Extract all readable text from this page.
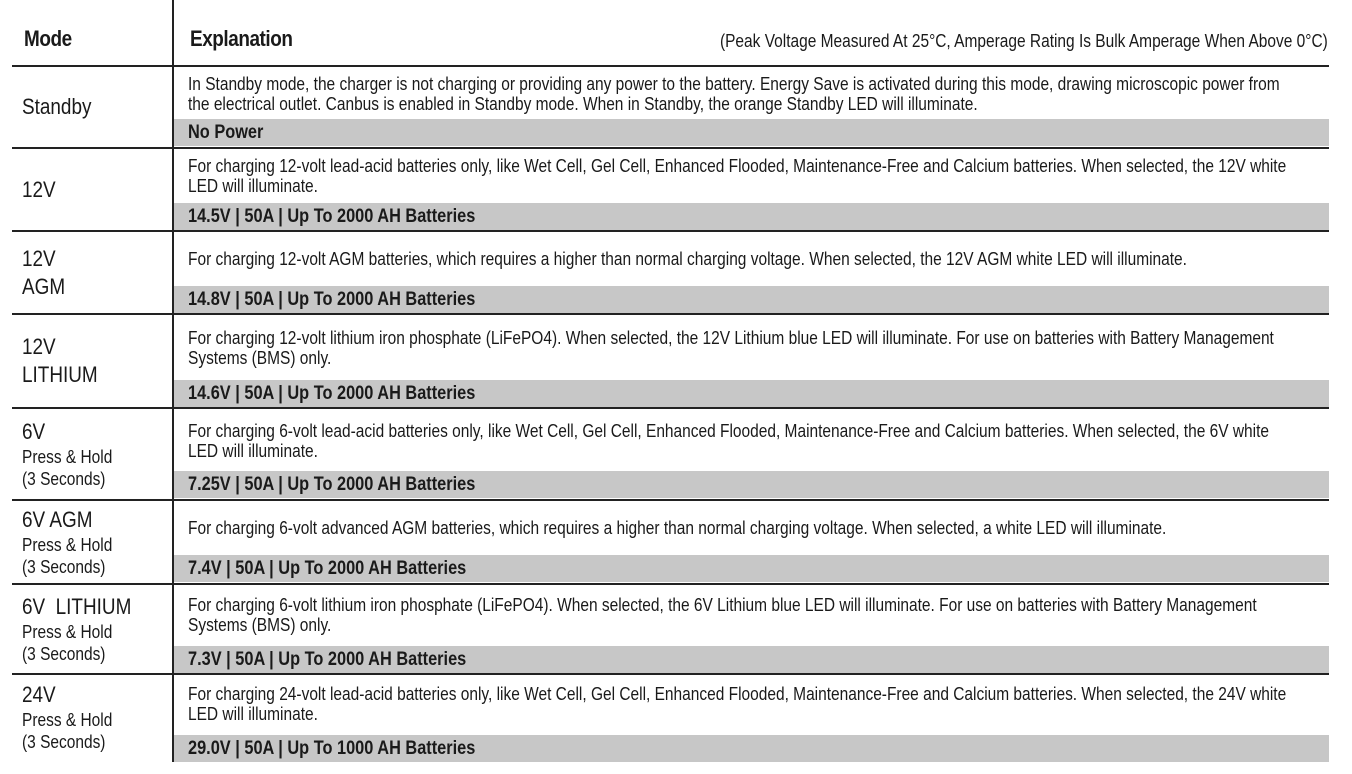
Mode	Explanation	(Peak Voltage Measured At 25°C, Amperage Rating Is Bulk Amperage When Above 0°C)
Standby
In Standby mode, the charger is not charging or providing any power to the battery. Energy Save is activated during this mode, drawing microscopic power from the electrical outlet. Canbus is enabled in Standby mode. When in Standby, the orange Standby LED will illuminate.
No Power
12V
For charging 12-volt lead-acid batteries only, like Wet Cell, Gel Cell, Enhanced Flooded, Maintenance-Free and Calcium batteries. When selected, the 12V white LED will illuminate.
14.5V | 50A | Up To 2000 AH Batteries
12V
AGM
For charging 12-volt AGM batteries, which requires a higher than normal charging voltage. When selected, the 12V AGM white LED will illuminate.
14.8V | 50A | Up To 2000 AH Batteries
12V
LITHIUM
For charging 12-volt lithium iron phosphate (LiFePO4). When selected, the 12V Lithium blue LED will illuminate. For use on batteries with Battery Management Systems (BMS) only.
14.6V | 50A | Up To 2000 AH Batteries
6V
Press & Hold
(3 Seconds)
For charging 6-volt lead-acid batteries only, like Wet Cell, Gel Cell, Enhanced Flooded, Maintenance-Free and Calcium batteries. When selected, the 6V white LED will illuminate.
7.25V | 50A | Up To 2000 AH Batteries
6V AGM
Press & Hold
(3 Seconds)
For charging 6-volt advanced AGM batteries, which requires a higher than normal charging voltage. When selected, a white LED will illuminate.
7.4V | 50A | Up To 2000 AH Batteries
6V  LITHIUM
Press & Hold
(3 Seconds)
For charging 6-volt lithium iron phosphate (LiFePO4). When selected, the 6V Lithium blue LED will illuminate. For use on batteries with Battery Management Systems (BMS) only.
7.3V | 50A | Up To 2000 AH Batteries
24V
Press & Hold
(3 Seconds)
For charging 24-volt lead-acid batteries only, like Wet Cell, Gel Cell, Enhanced Flooded, Maintenance-Free and Calcium batteries. When selected, the 24V white LED will illuminate.
29.0V | 50A | Up To 1000 AH Batteries
